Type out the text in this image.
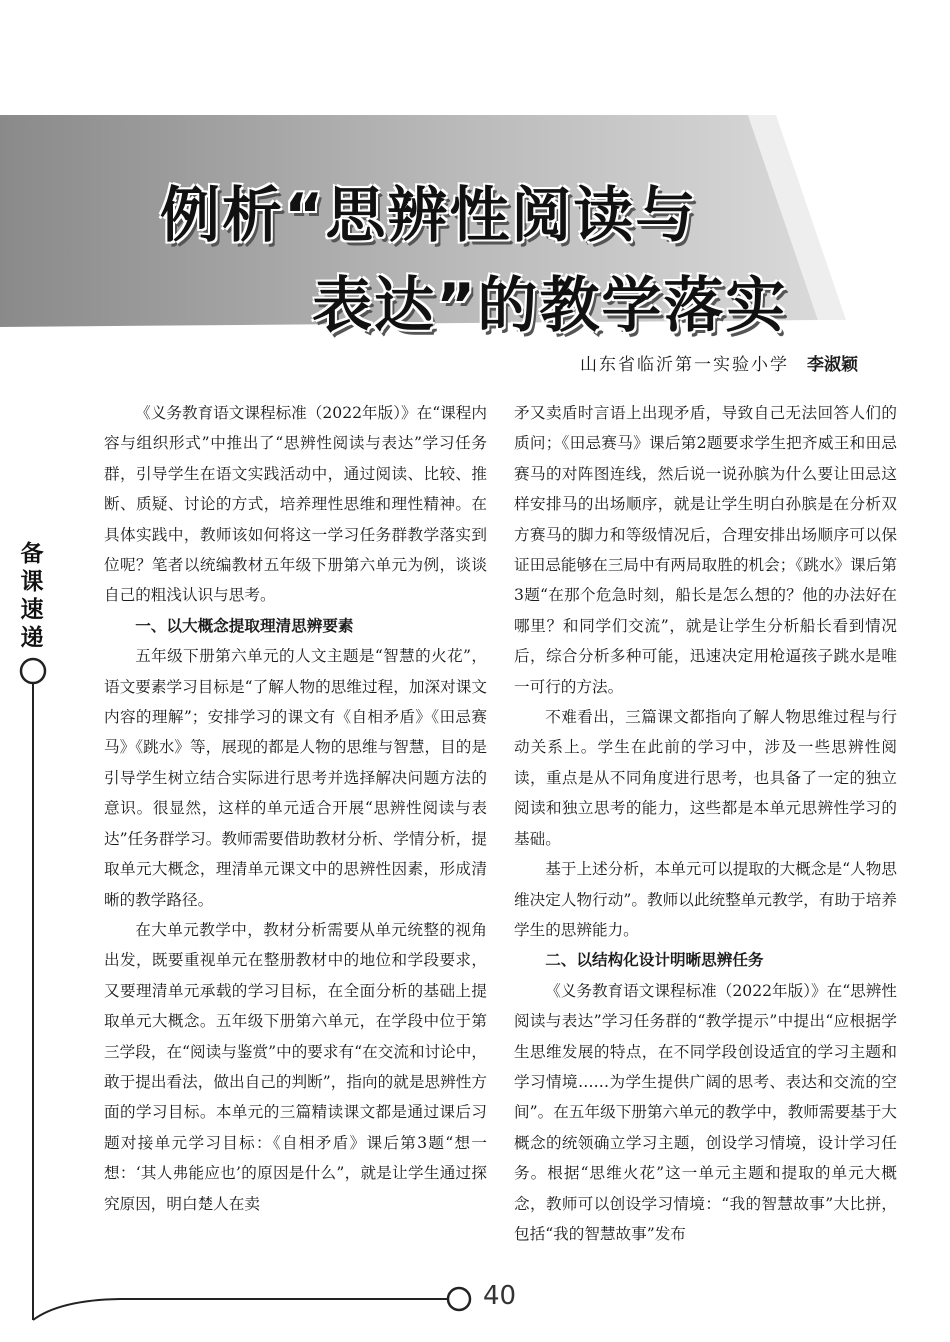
例析“思辨性阅读与
表达”的教学落实
山东省临沂第一实验小学 李淑颖
备
课
速
递

《义务教育语文课程标准（2022年版）》在“课程内容与组织形式”中推出了“思辨性阅读与表达”学习任务群，引导学生在语文实践活动中，通过阅读、比较、推断、质疑、讨论的方式，培养理性思维和理性精神。在具体实践中，教师该如何将这一学习任务群教学落实到位呢？笔者以统编教材五年级下册第六单元为例，谈谈自己的粗浅认识与思考。

一、以大概念提取理清思辨要素

五年级下册第六单元的人文主题是“智慧的火花”，语文要素学习目标是“了解人物的思维过程，加深对课文内容的理解”；安排学习的课文有《自相矛盾》《田忌赛马》《跳水》等，展现的都是人物的思维与智慧，目的是引导学生树立结合实际进行思考并选择解决问题方法的意识。很显然，这样的单元适合开展“思辨性阅读与表达”任务群学习。教师需要借助教材分析、学情分析，提取单元大概念，理清单元课文中的思辨性因素，形成清晰的教学路径。

在大单元教学中，教材分析需要从单元统整的视角出发，既要重视单元在整册教材中的地位和学段要求，又要理清单元承载的学习目标，在全面分析的基础上提取单元大概念。五年级下册第六单元，在学段中位于第三学段，在“阅读与鉴赏”中的要求有“在交流和讨论中，敢于提出看法，做出自己的判断”，指向的就是思辨性方面的学习目标。本单元的三篇精读课文都是通过课后习题对接单元学习目标：《自相矛盾》课后第3题“想一想：‘其人弗能应也’的原因是什么”，就是让学生通过探究原因，明白楚人在卖

矛又卖盾时言语上出现矛盾，导致自己无法回答人们的质问；《田忌赛马》课后第2题要求学生把齐威王和田忌赛马的对阵图连线，然后说一说孙膑为什么要让田忌这样安排马的出场顺序，就是让学生明白孙膑是在分析双方赛马的脚力和等级情况后，合理安排出场顺序可以保证田忌能够在三局中有两局取胜的机会；《跳水》课后第3题“在那个危急时刻，船长是怎么想的？他的办法好在哪里？和同学们交流”，就是让学生分析船长看到情况后，综合分析多种可能，迅速决定用枪逼孩子跳水是唯一可行的方法。

不难看出，三篇课文都指向了解人物思维过程与行动关系上。学生在此前的学习中，涉及一些思辨性阅读，重点是从不同角度进行思考，也具备了一定的独立阅读和独立思考的能力，这些都是本单元思辨性学习的基础。

基于上述分析，本单元可以提取的大概念是“人物思维决定人物行动”。教师以此统整单元教学，有助于培养学生的思辨能力。

二、以结构化设计明晰思辨任务

《义务教育语文课程标准（2022年版）》在“思辨性阅读与表达”学习任务群的“教学提示”中提出“应根据学生思维发展的特点，在不同学段创设适宜的学习主题和学习情境……为学生提供广阔的思考、表达和交流的空间”。在五年级下册第六单元的教学中，教师需要基于大概念的统领确立学习主题，创设学习情境，设计学习任务。根据“思维火花”这一单元主题和提取的单元大概念，教师可以创设学习情境：“我的智慧故事”大比拼，包括“我的智慧故事”发布

40
